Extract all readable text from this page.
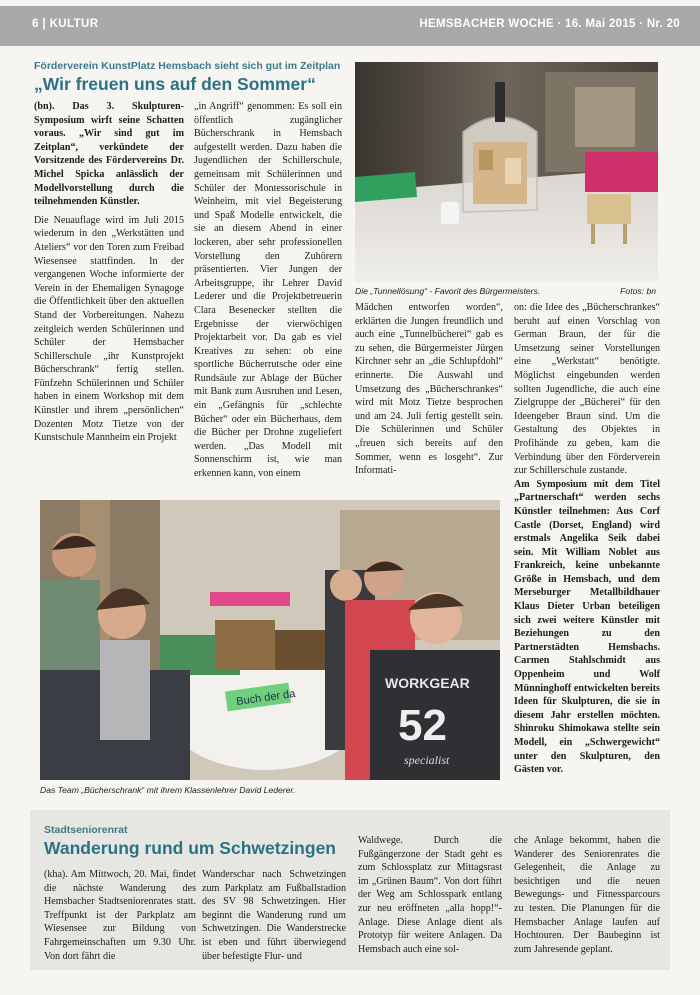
6 | KULTUR	HEMSBACHER WOCHE · 16. Mai 2015 · Nr. 20
Förderverein KunstPlatz Hemsbach sieht sich gut im Zeitplan
„Wir freuen uns auf den Sommer“

(bn). Das 3. Skulpturen-Symposium wirft seine Schatten voraus. „Wir sind gut im Zeitplan“, verkündete der Vorsitzende des Fördervereins Dr. Michel Spicka anlässlich der Modellvorstellung durch die teilnehmenden Künstler.

Die Neuauflage wird im Juli 2015 wiederum in den „Werkstätten und Ateliers“ vor den Toren zum Freibad Wiesensee stattfinden. In der vergangenen Woche informierte der Verein in der Ehemaligen Synagoge die Öffentlichkeit über den aktuellen Stand der Vorbereitungen. Nahezu zeitgleich werden Schülerinnen und Schüler der Hemsbacher Schillerschule „ihr Kunstprojekt Bücherschrank“ fertig stellen. Fünfzehn Schülerinnen und Schüler haben in einem Workshop mit dem Künstler und ihrem „persönlichen“ Dozenten Motz Tietze von der Kunstschule Mannheim ein Projekt

„in Angriff“ genommen: Es soll ein öffentlich zugänglicher Bücherschrank in Hemsbach aufgestellt werden. Dazu haben die Jugendlichen der Schillerschule, gemeinsam mit Schülerinnen und Schüler der Montessorischule in Weinheim, mit viel Begeisterung und Spaß Modelle entwickelt, die sie an diesem Abend in einer lockeren, aber sehr professionellen Vorstellung den Zuhörern präsentierten. Vier Jungen der Arbeitsgruppe, ihr Lehrer David Lederer und die Projektbetreuerin Clara Besenecker stellten die Ergebnisse der vierwöchigen Projektarbeit vor. Da gab es viel Kreatives zu sehen: ob eine sportliche Bücherrutsche oder eine Rundsäule zur Ablage der Bücher mit Bank zum Ausruhen und Lesen, ein „Gefängnis für „schlechte Bücher“ oder ein Bücherhaus, dem die Bücher per Drohne zugeliefert werden. „Das Modell mit Sonnenschirm ist, wie man erkennen kann, von einem

Die „Tunnellösung“ - Favorit des Bürgermeisters.	Fotos: bn

Mädchen entworfen worden“, erklärten die Jungen freundlich und auch eine „Tunnelbücherei“ gab es zu sehen, die Bürgermeister Jürgen Kirchner sehr an „die Schlupfdohl“ erinnerte. Die Auswahl und Umsetzung des „Bücherschrankes“ wird mit Motz Tietze besprochen und am 24. Juli fertig gestellt sein. Die Schülerinnen und Schüler „freuen sich bereits auf den Sommer, wenn es losgeht“. Zur Informati-

on: die Idee des „Bücherschrankes“ beruht auf einen Vorschlag von German Braun, der für die Umsetzung seiner Vorstellungen eine „Werkstatt“ benötigte. Möglichst eingebunden werden sollten Jugendliche, die auch eine Zielgruppe der „Bücherei“ für den Ideengeber Braun sind. Um die Gestaltung des Objektes in Profihände zu geben, kam die Verbindung über den Förderverein zur Schillerschule zustande.

Am Symposium mit dem Titel „Partnerschaft“ werden sechs Künstler teilnehmen: Aus Corf Castle (Dorset, England) wird erstmals Angelika Seik dabei sein. Mit William Noblet aus Frankreich, keine unbekannte Größe in Hemsbach, und dem Merseburger Metallbildhauer Klaus Dieter Urban beteiligen sich zwei weitere Künstler mit Beziehungen zu den Partnerstädten Hemsbachs. Carmen Stahlschmidt aus Oppenheim und Wolf Münninghoff entwickelten bereits Ideen für Skulpturen, die sie in diesem Jahr erstellen möchten. Shinroku Shimokawa stellte sein Modell, ein „Schwergewicht“ unter den Skulpturen, den Gästen vor.

Buch der da
WORKGEAR
52
specialist
Das Team „Bücherschrank“ mit ihrem Klassenlehrer David Lederer.
Stadtseniorenrat
Wanderung rund um Schwetzingen

(kha). Am Mittwoch, 20. Mai, findet die nächste Wanderung des Hemsbacher Stadtseniorenrates statt. Treffpunkt ist der Parkplatz am Wiesensee zur Bildung von Fahrgemeinschaften um 9.30 Uhr. Von dort fährt die

Wanderschar nach Schwetzingen zum Parkplatz am Fußballstadion des SV 98 Schwetzingen. Hier beginnt die Wanderung rund um Schwetzingen. Die Wanderstrecke ist eben und führt überwiegend über befestigte Flur- und

Waldwege. Durch die Fußgängerzone der Stadt geht es zum Schlossplatz zur Mittagsrast im „Grünen Baum“. Von dort führt der Weg am Schlosspark entlang zur neu eröffneten „alla hopp!“-Anlage. Diese Anlage dient als Prototyp für weitere Anlagen. Da Hemsbach auch eine sol-

che Anlage bekommt, haben die Wanderer des Seniorenrates die Gelegenheit, die Anlage zu besichtigen und die neuen Bewegungs- und Fitnessparcours zu testen. Die Planungen für die Hemsbacher Anlage laufen auf Hochtouren. Der Baubeginn ist zum Jahresende geplant.
